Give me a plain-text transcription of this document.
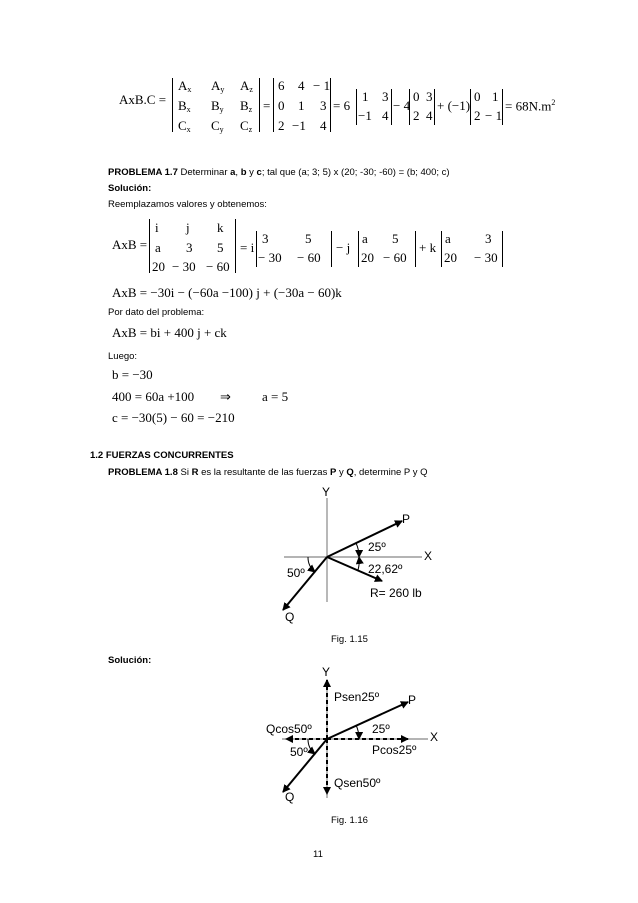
AxB.C =
$A_x$ $A_y$ $A_z$
$B_x$ $B_y$ $B_z$
$C_x$ $C_y$ $C_z$
=
6 4 − 1
0 1 3
2 −1 4
= 6
1 3
−1 4
− 4
0 3
2 4
+ (−1)
0 1
2 − 1
= $68N.m^2$
PROBLEMA 1.7 Determinar a, b y c; tal que (a; 3; 5) x (20; -30; -60) = (b; 400; c)
Solución:
Reemplazamos valores y obtenemos:
AxB =
i j k
a 3 5
20 − 30 − 60
= i
3	5
− 30 − 60
− j
a 5
20 − 60
+ k
a	3
20 − 30
AxB = −30i − (−60a −100) j + (−30a − 60)k
Por dato del problema:
AxB = bi + 400 j + ck
Luego:
b = −30
400 = 60a +100 ⇒ a = 5
c = −30(5) − 60 = −210
1.2 FUERZAS CONCURRENTES
PROBLEMA 1.8 Si R es la resultante de las fuerzas P y Q, determine P y Q
Y
X
P
Q
25º
22,62º
50º
R= 260 lb
Fig. 1.15
Solución:
Y
X
P
Q
Psen25º
Qcos50º	25º
50º	Pcos25º
Qsen50º
Fig. 1.16
11
